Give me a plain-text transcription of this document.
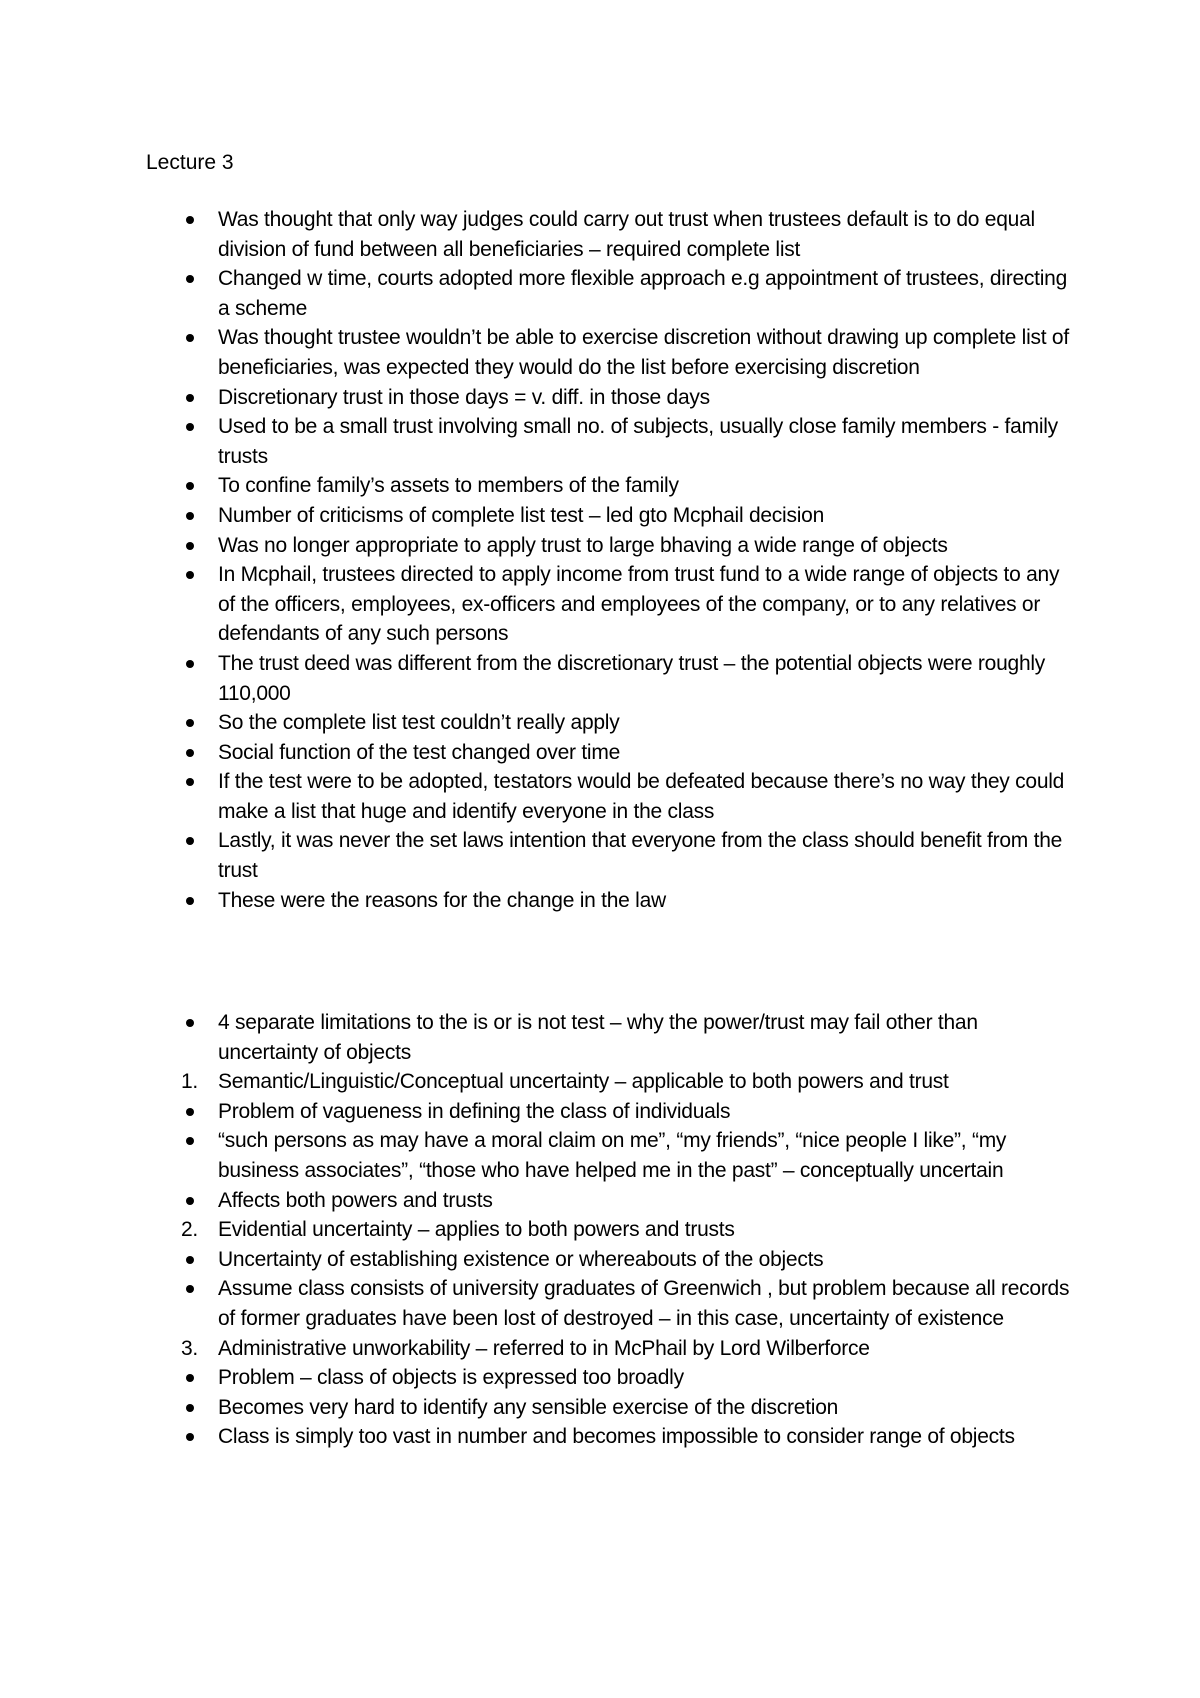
Lecture 3
Was thought that only way judges could carry out trust when trustees default is to do equal division of fund between all beneficiaries – required complete list
Changed w time, courts adopted more flexible approach e.g appointment of trustees, directing a scheme
Was thought trustee wouldn’t be able to exercise discretion without drawing up complete list of beneficiaries, was expected they would do the list before exercising discretion
Discretionary trust in those days = v. diff. in those days
Used to be a small trust involving small no. of subjects, usually close family members - family trusts
To confine family’s assets to members of the family
Number of criticisms of complete list test – led gto Mcphail decision
Was no longer appropriate to apply trust to large bhaving a wide range of objects
In Mcphail, trustees directed to apply income from trust fund to a wide range of objects to any of the officers, employees, ex-officers and employees of the company, or to any relatives or defendants of any such persons
The trust deed was different from the discretionary trust – the potential objects were roughly 110,000
So the complete list test couldn’t really apply
Social function of the test changed over time
If the test were to be adopted, testators would be defeated because there’s no way they could make a list that huge and identify everyone in the class
Lastly, it was never the set laws intention that everyone from the class should benefit from the trust
These were the reasons for the change in the law
4 separate limitations to the is or is not test – why the power/trust may fail other than uncertainty of objects
1. Semantic/Linguistic/Conceptual uncertainty – applicable to both powers and trust
Problem of vagueness in defining the class of individuals
“such persons as may have a moral claim on me”, “my friends”, “nice people I like”, “my business associates”, “those who have helped me in the past” – conceptually uncertain
Affects both powers and trusts
2. Evidential uncertainty – applies to both powers and trusts
Uncertainty of establishing existence or whereabouts of the objects
Assume class consists of university graduates of Greenwich , but problem because all records of former graduates have been lost of destroyed – in this case, uncertainty of existence
3. Administrative unworkability – referred to in McPhail by Lord Wilberforce
Problem – class of objects is expressed too broadly
Becomes very hard to identify any sensible exercise of the discretion
Class is simply too vast in number and becomes impossible to consider range of objects
